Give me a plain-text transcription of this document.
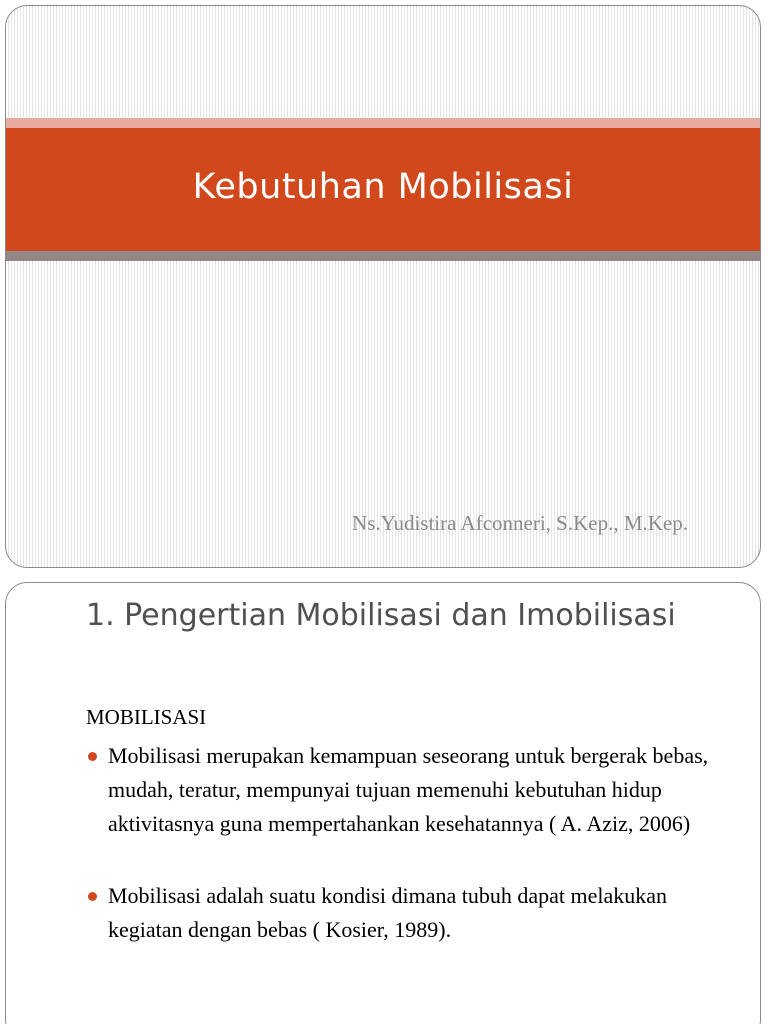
Kebutuhan Mobilisasi
Ns.Yudistira Afconneri, S.Kep., M.Kep.
1. Pengertian Mobilisasi dan Imobilisasi
MOBILISASI
Mobilisasi merupakan kemampuan seseorang untuk bergerak bebas, mudah, teratur, mempunyai tujuan memenuhi kebutuhan hidup aktivitasnya guna mempertahankan kesehatannya ( A. Aziz, 2006)
Mobilisasi adalah suatu kondisi dimana tubuh dapat melakukan kegiatan dengan bebas ( Kosier, 1989).
